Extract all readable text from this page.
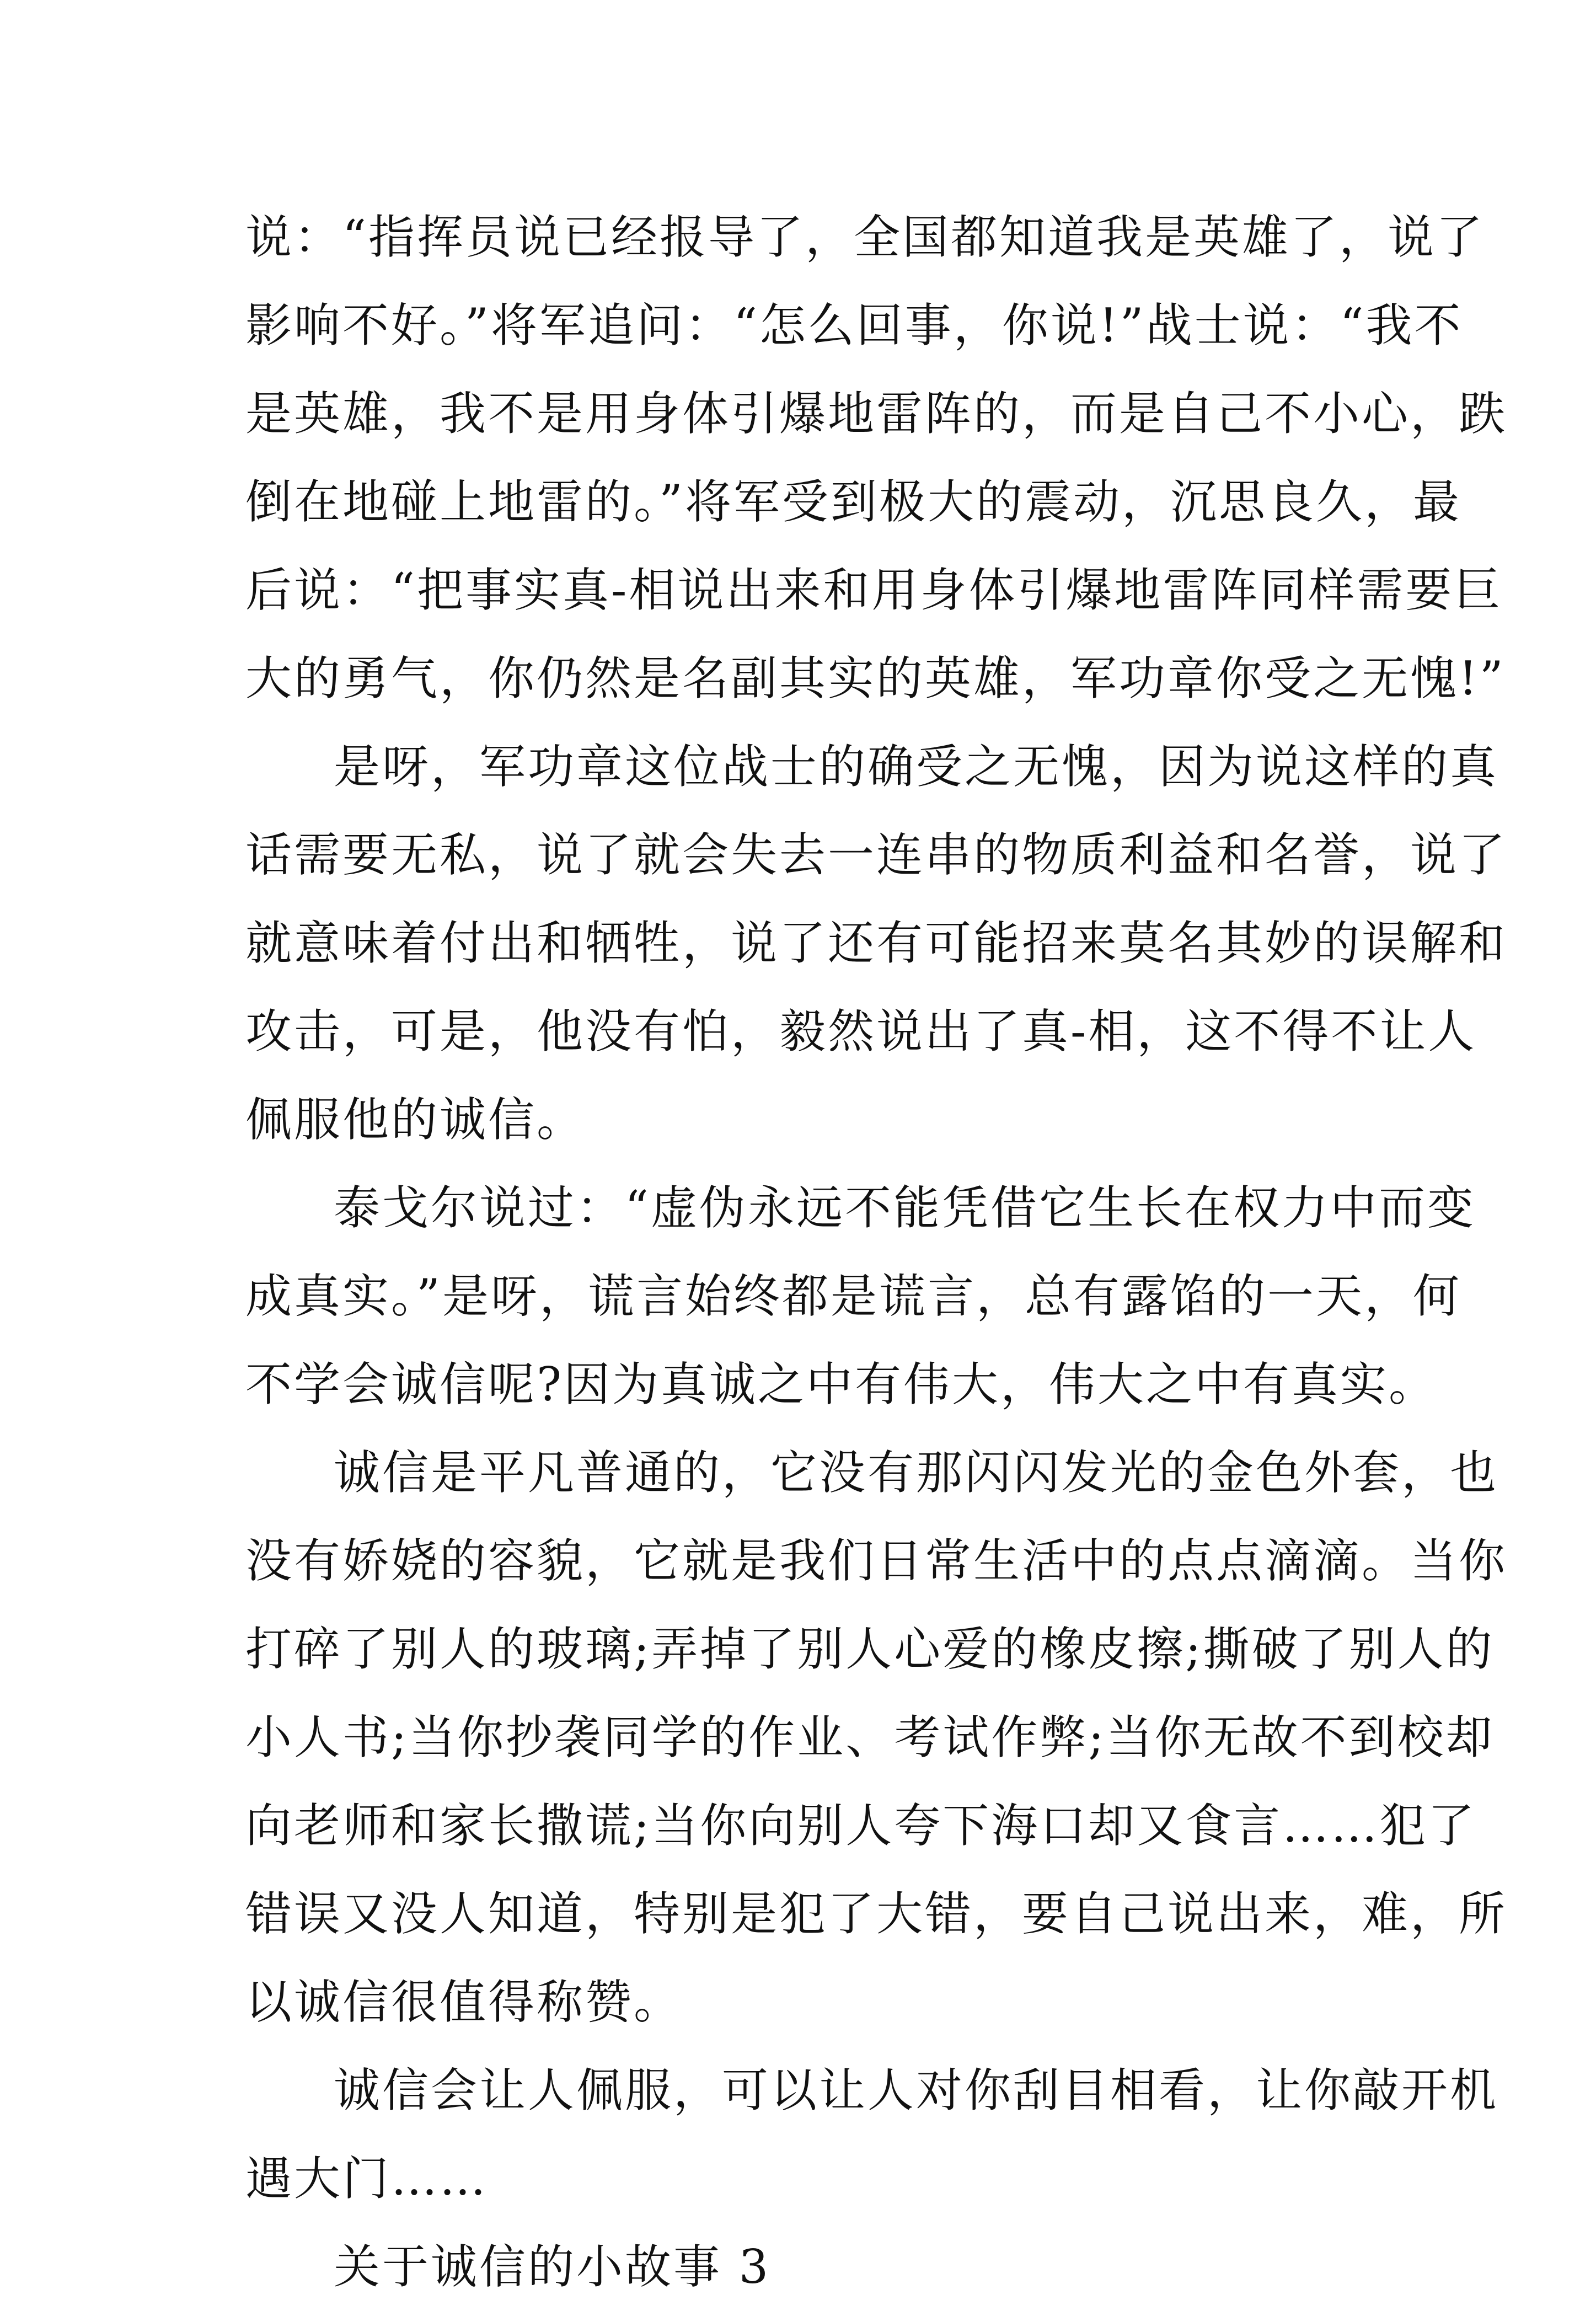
说：“指挥员说已经报导了，全国都知道我是英雄了，说了
影响不好。”将军追问：“怎么回事，你说!”战士说：“我不
是英雄，我不是用身体引爆地雷阵的，而是自己不小心，跌
倒在地碰上地雷的。”将军受到极大的震动，沉思良久，最
后说：“把事实真-相说出来和用身体引爆地雷阵同样需要巨
大的勇气，你仍然是名副其实的英雄，军功章你受之无愧!”
是呀，军功章这位战士的确受之无愧，因为说这样的真
话需要无私，说了就会失去一连串的物质利益和名誉，说了
就意味着付出和牺牲，说了还有可能招来莫名其妙的误解和
攻击，可是，他没有怕，毅然说出了真-相，这不得不让人
佩服他的诚信。
泰戈尔说过：“虚伪永远不能凭借它生长在权力中而变
成真实。”是呀，谎言始终都是谎言，总有露馅的一天，何
不学会诚信呢?因为真诚之中有伟大，伟大之中有真实。
诚信是平凡普通的，它没有那闪闪发光的金色外套，也
没有娇娆的容貌，它就是我们日常生活中的点点滴滴。当你
打碎了别人的玻璃;弄掉了别人心爱的橡皮擦;撕破了别人的
小人书;当你抄袭同学的作业、考试作弊;当你无故不到校却
向老师和家长撒谎;当你向别人夸下海口却又食言……犯了
错误又没人知道，特别是犯了大错，要自己说出来，难，所
以诚信很值得称赞。
诚信会让人佩服，可以让人对你刮目相看，让你敲开机
遇大门……
关于诚信的小故事 3
